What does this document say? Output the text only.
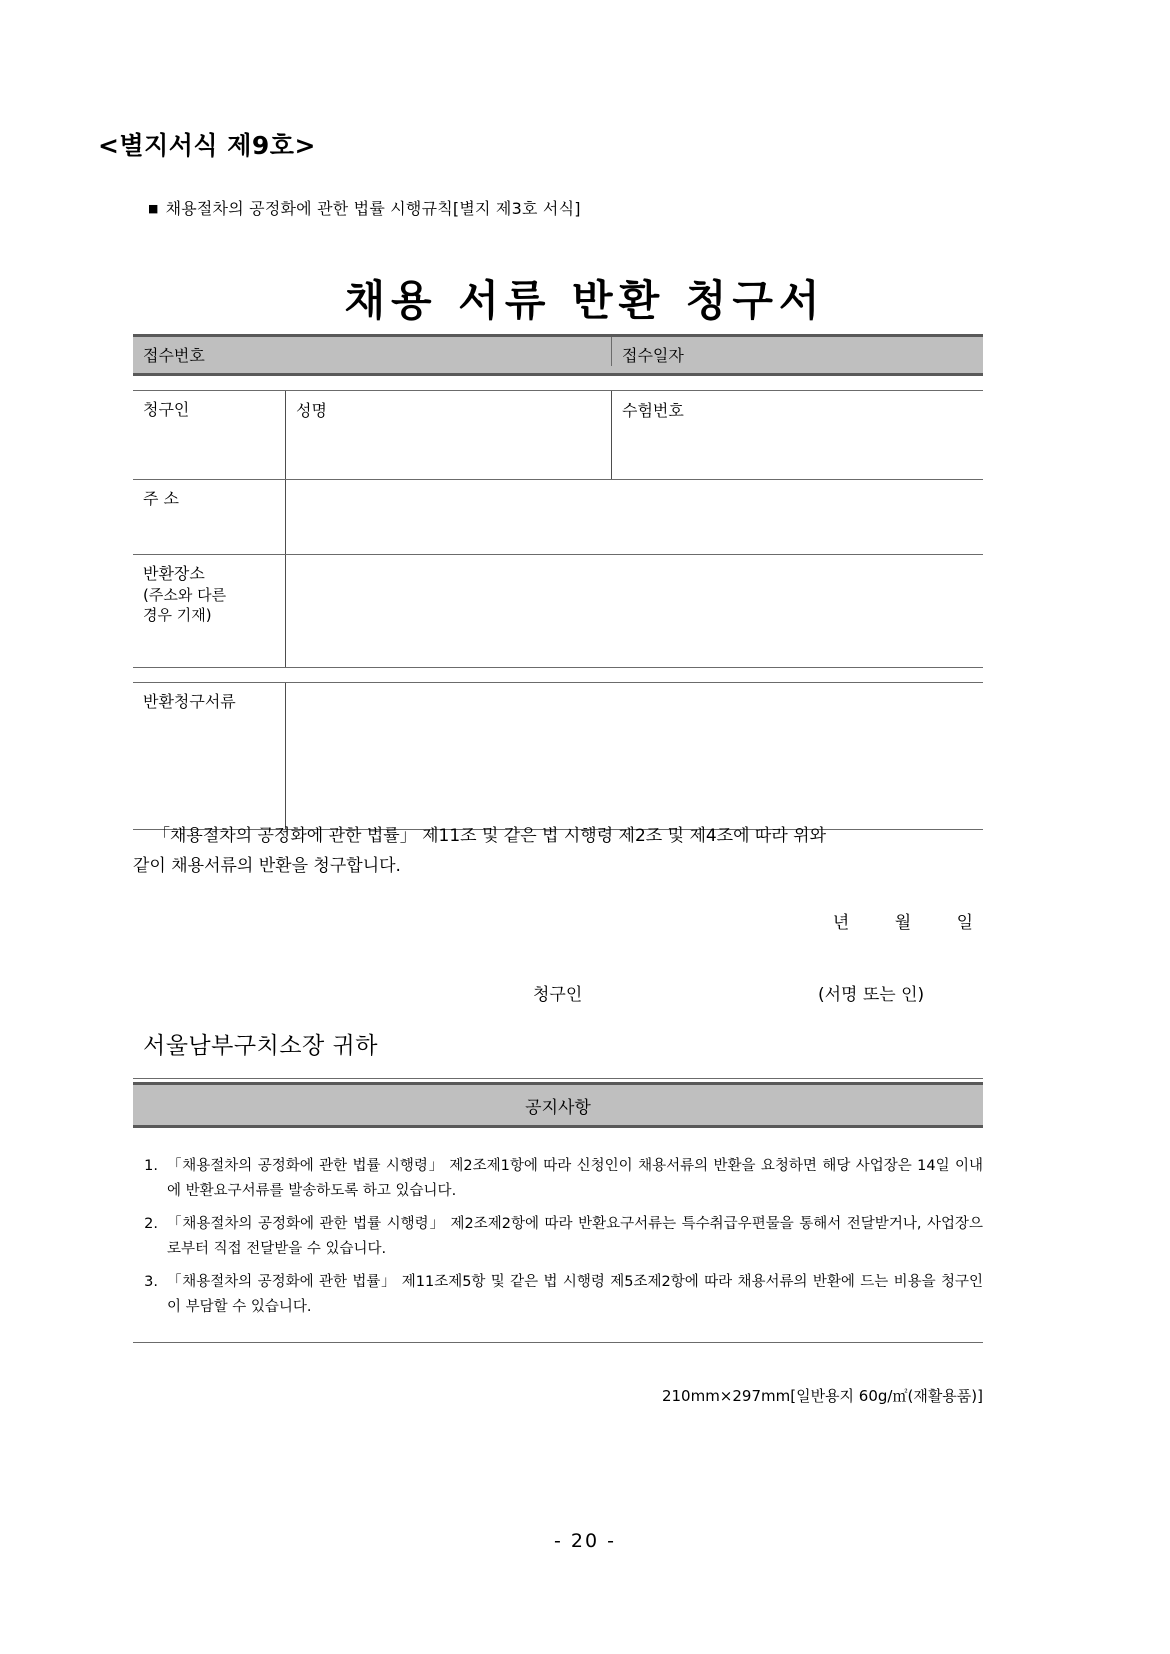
<별지서식 제9호>
■ 채용절차의 공정화에 관한 법률 시행규칙[별지 제3호 서식]
채용 서류 반환 청구서
접수번호	접수일자
청구인	성명	수험번호
주 소
반환장소
(주소와 다른
경우 기재)
반환청구서류
「채용절차의 공정화에 관한 법률」 제11조 및 같은 법 시행령 제2조 및 제4조에 따라 위와
같이 채용서류의 반환을 청구합니다.
년	월	일
청구인	(서명 또는 인)
서울남부구치소장 귀하
공지사항
1. 「채용절차의 공정화에 관한 법률 시행령」 제2조제1항에 따라 신청인이 채용서류의 반환을 요청하면 해당 사업장은 14일 이내에 반환요구서류를 발송하도록 하고 있습니다.
2. 「채용절차의 공정화에 관한 법률 시행령」 제2조제2항에 따라 반환요구서류는 특수취급우편물을 통해서 전달받거나, 사업장으로부터 직접 전달받을 수 있습니다.
3. 「채용절차의 공정화에 관한 법률」 제11조제5항 및 같은 법 시행령 제5조제2항에 따라 채용서류의 반환에 드는 비용을 청구인이 부담할 수 있습니다.
210mm×297mm[일반용지 60g/㎡(재활용품)]
- 20 -
